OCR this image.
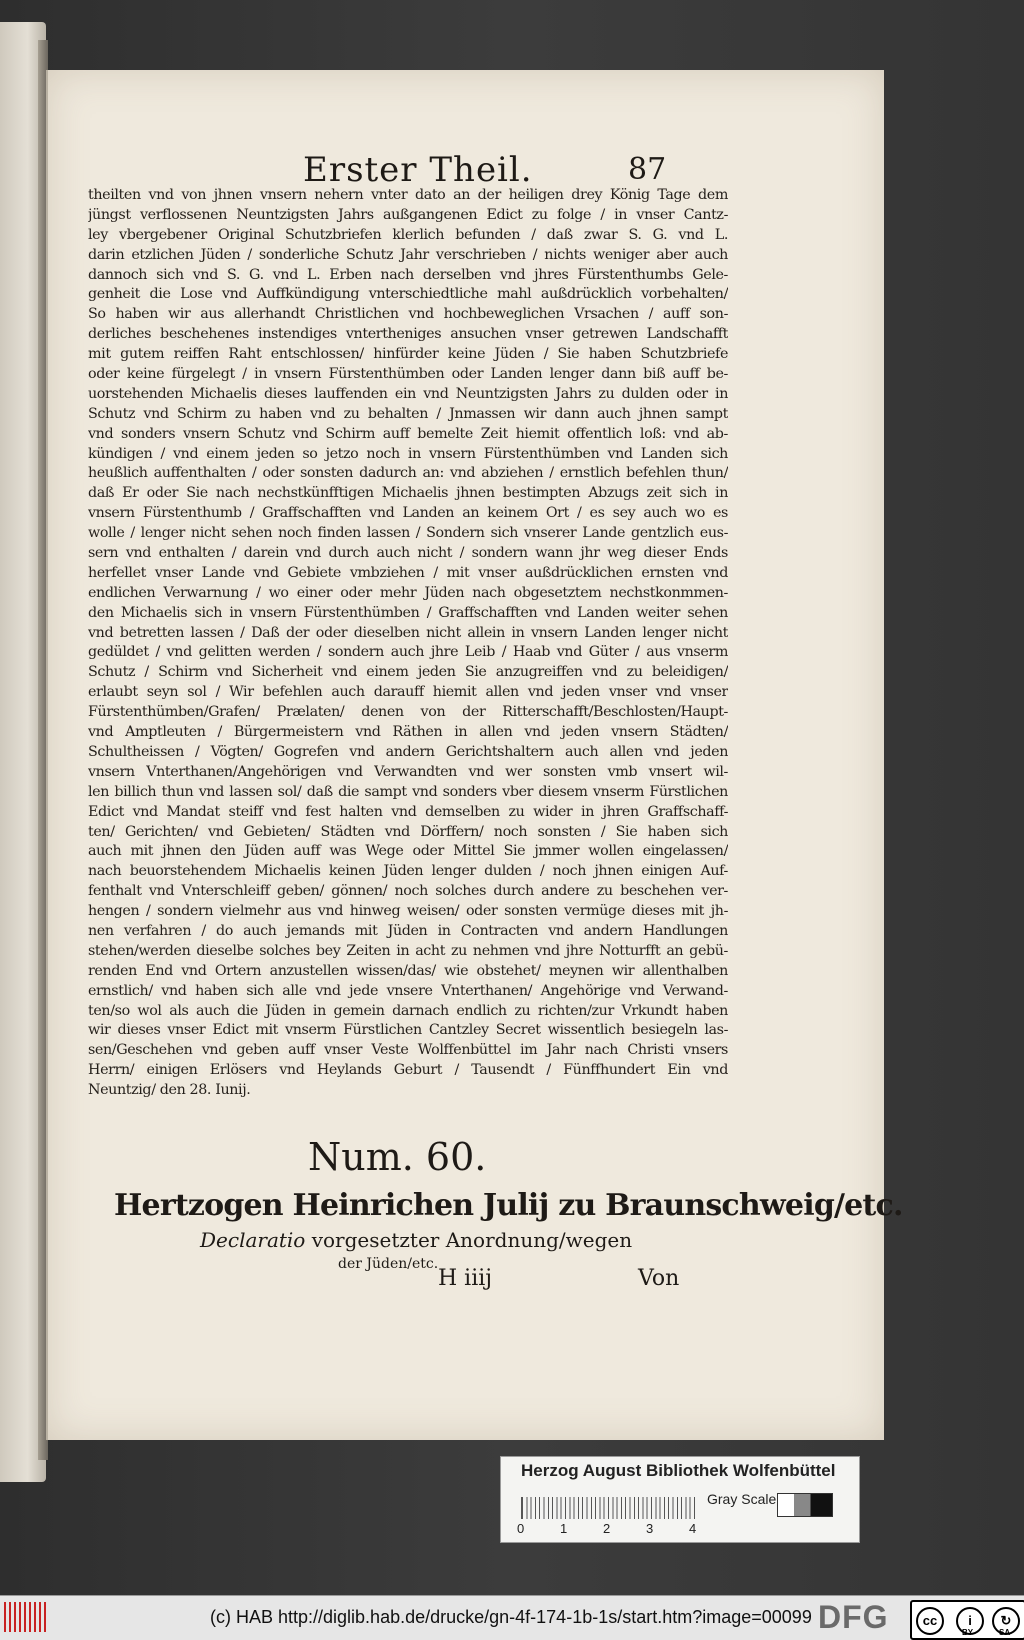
Erster Theil.	87
theilten vnd von jhnen vnsern nehern vnter dato an der heiligen drey König Tage dem
jüngst verflossenen Neuntzigsten Jahrs außgangenen Edict zu folge / in vnser Cantz-
ley vbergebener Original Schutzbriefen klerlich befunden / daß zwar S. G. vnd L.
darin etzlichen Jüden / sonderliche Schutz Jahr verschrieben / nichts weniger aber auch
dannoch sich vnd S. G. vnd L. Erben nach derselben vnd jhres Fürstenthumbs Gele-
genheit die Lose vnd Auffkündigung vnterschiedtliche mahl außdrücklich vorbehalten/
So haben wir aus allerhandt Christlichen vnd hochbeweglichen Vrsachen / auff son-
derliches beschehenes instendiges vntertheniges ansuchen vnser getrewen Landschafft
mit gutem reiffen Raht entschlossen/ hinfürder keine Jüden / Sie haben Schutzbriefe
oder keine fürgelegt / in vnsern Fürstenthümben oder Landen lenger dann biß auff be-
uorstehenden Michaelis dieses lauffenden ein vnd Neuntzigsten Jahrs zu dulden oder in
Schutz vnd Schirm zu haben vnd zu behalten / Jnmassen wir dann auch jhnen sampt
vnd sonders vnsern Schutz vnd Schirm auff bemelte Zeit hiemit offentlich loß: vnd ab-
kündigen / vnd einem jeden so jetzo noch in vnsern Fürstenthümben vnd Landen sich
heußlich auffenthalten / oder sonsten dadurch an: vnd abziehen / ernstlich befehlen thun/
daß Er oder Sie nach nechstkünfftigen Michaelis jhnen bestimpten Abzugs zeit sich in
vnsern Fürstenthumb / Graffschafften vnd Landen an keinem Ort / es sey auch wo es
wolle / lenger nicht sehen noch finden lassen / Sondern sich vnserer Lande gentzlich eus-
sern vnd enthalten / darein vnd durch auch nicht / sondern wann jhr weg dieser Ends
herfellet vnser Lande vnd Gebiete vmbziehen / mit vnser außdrücklichen ernsten vnd
endlichen Verwarnung / wo einer oder mehr Jüden nach obgesetztem nechstkonmmen-
den Michaelis sich in vnsern Fürstenthümben / Graffschafften vnd Landen weiter sehen
vnd betretten lassen / Daß der oder dieselben nicht allein in vnsern Landen lenger nicht
gedüldet / vnd gelitten werden / sondern auch jhre Leib / Haab vnd Güter / aus vnserm
Schutz / Schirm vnd Sicherheit vnd einem jeden Sie anzugreiffen vnd zu beleidigen/
erlaubt seyn sol / Wir befehlen auch darauff hiemit allen vnd jeden vnser vnd vnser
Fürstenthümben/Grafen/ Prælaten/ denen von der Ritterschafft/Beschlosten/Haupt-
vnd Amptleuten / Bürgermeistern vnd Räthen in allen vnd jeden vnsern Städten/
Schultheissen / Vögten/ Gogrefen vnd andern Gerichtshaltern auch allen vnd jeden
vnsern Vnterthanen/Angehörigen vnd Verwandten vnd wer sonsten vmb vnsert wil-
len billich thun vnd lassen sol/ daß die sampt vnd sonders vber diesem vnserm Fürstlichen
Edict vnd Mandat steiff vnd fest halten vnd demselben zu wider in jhren Graffschaff-
ten/ Gerichten/ vnd Gebieten/ Städten vnd Dörffern/ noch sonsten / Sie haben sich
auch mit jhnen den Jüden auff was Wege oder Mittel Sie jmmer wollen eingelassen/
nach beuorstehendem Michaelis keinen Jüden lenger dulden / noch jhnen einigen Auf-
fenthalt vnd Vnterschleiff geben/ gönnen/ noch solches durch andere zu beschehen ver-
hengen / sondern vielmehr aus vnd hinweg weisen/ oder sonsten vermüge dieses mit jh-
nen verfahren / do auch jemands mit Jüden in Contracten vnd andern Handlungen
stehen/werden dieselbe solches bey Zeiten in acht zu nehmen vnd jhre Notturfft an gebü-
renden End vnd Ortern anzustellen wissen/das/ wie obstehet/ meynen wir allenthalben
ernstlich/ vnd haben sich alle vnd jede vnsere Vnterthanen/ Angehörige vnd Verwand-
ten/so wol als auch die Jüden in gemein darnach endlich zu richten/zur Vrkundt haben
wir dieses vnser Edict mit vnserm Fürstlichen Cantzley Secret wissentlich besiegeln las-
sen/Geschehen vnd geben auff vnser Veste Wolffenbüttel im Jahr nach Christi vnsers
Herrn/ einigen Erlösers vnd Heylands Geburt / Tausendt / Fünffhundert Ein vnd
Neuntzig/ den 28. Iunij.
Num. 60.
Hertzogen Heinrichen Julij zu Braunschweig/etc.
Declaratio vorgesetzter Anordnung/wegen
der Jüden/etc.
H iiij	Von
Herzog August Bibliothek Wolfenbüttel
0	1	2	3	4
Gray Scale
(c) HAB http://diglib.hab.de/drucke/gn-4f-174-1b-1s/start.htm?image=00099 DFG	cc	i	↻
BY	SA
